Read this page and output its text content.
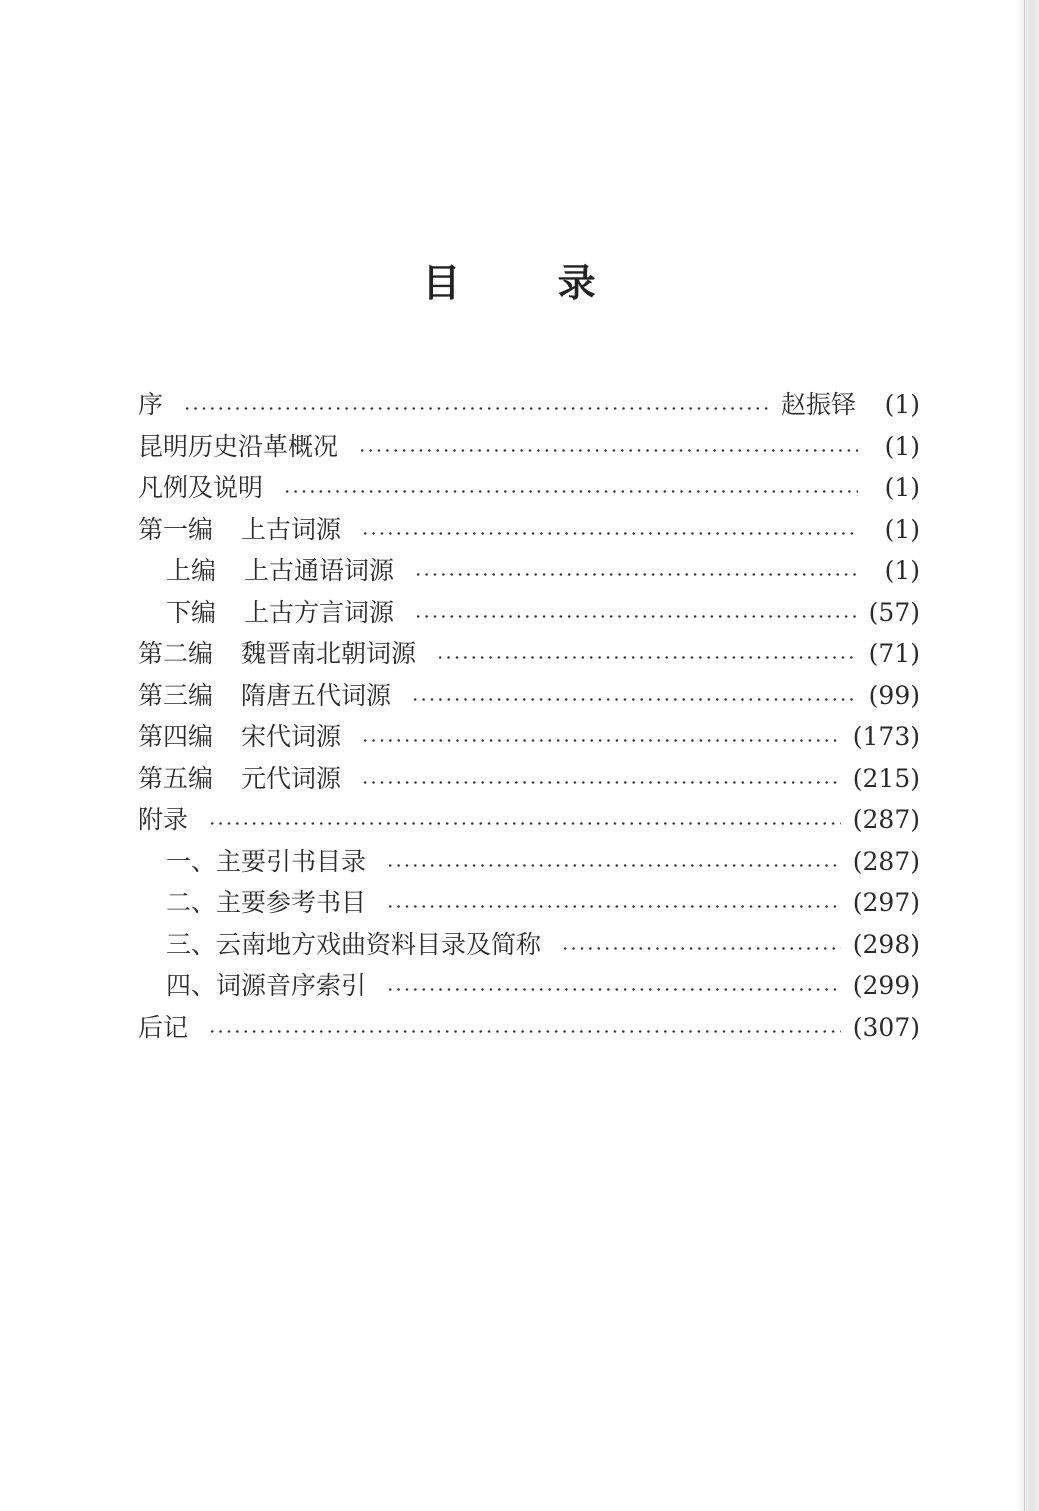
目 录
序	赵振铎	(1)
昆明历史沿革概况	(1)
凡例及说明	(1)
第一编 上古词源	(1)
上编 上古通语词源	(1)
下编 上古方言词源	(57)
第二编 魏晋南北朝词源	(71)
第三编 隋唐五代词源	(99)
第四编 宋代词源	(173)
第五编 元代词源	(215)
附录	(287)
一、主要引书目录	(287)
二、主要参考书目	(297)
三、云南地方戏曲资料目录及简称	(298)
四、词源音序索引	(299)
后记	(307)
